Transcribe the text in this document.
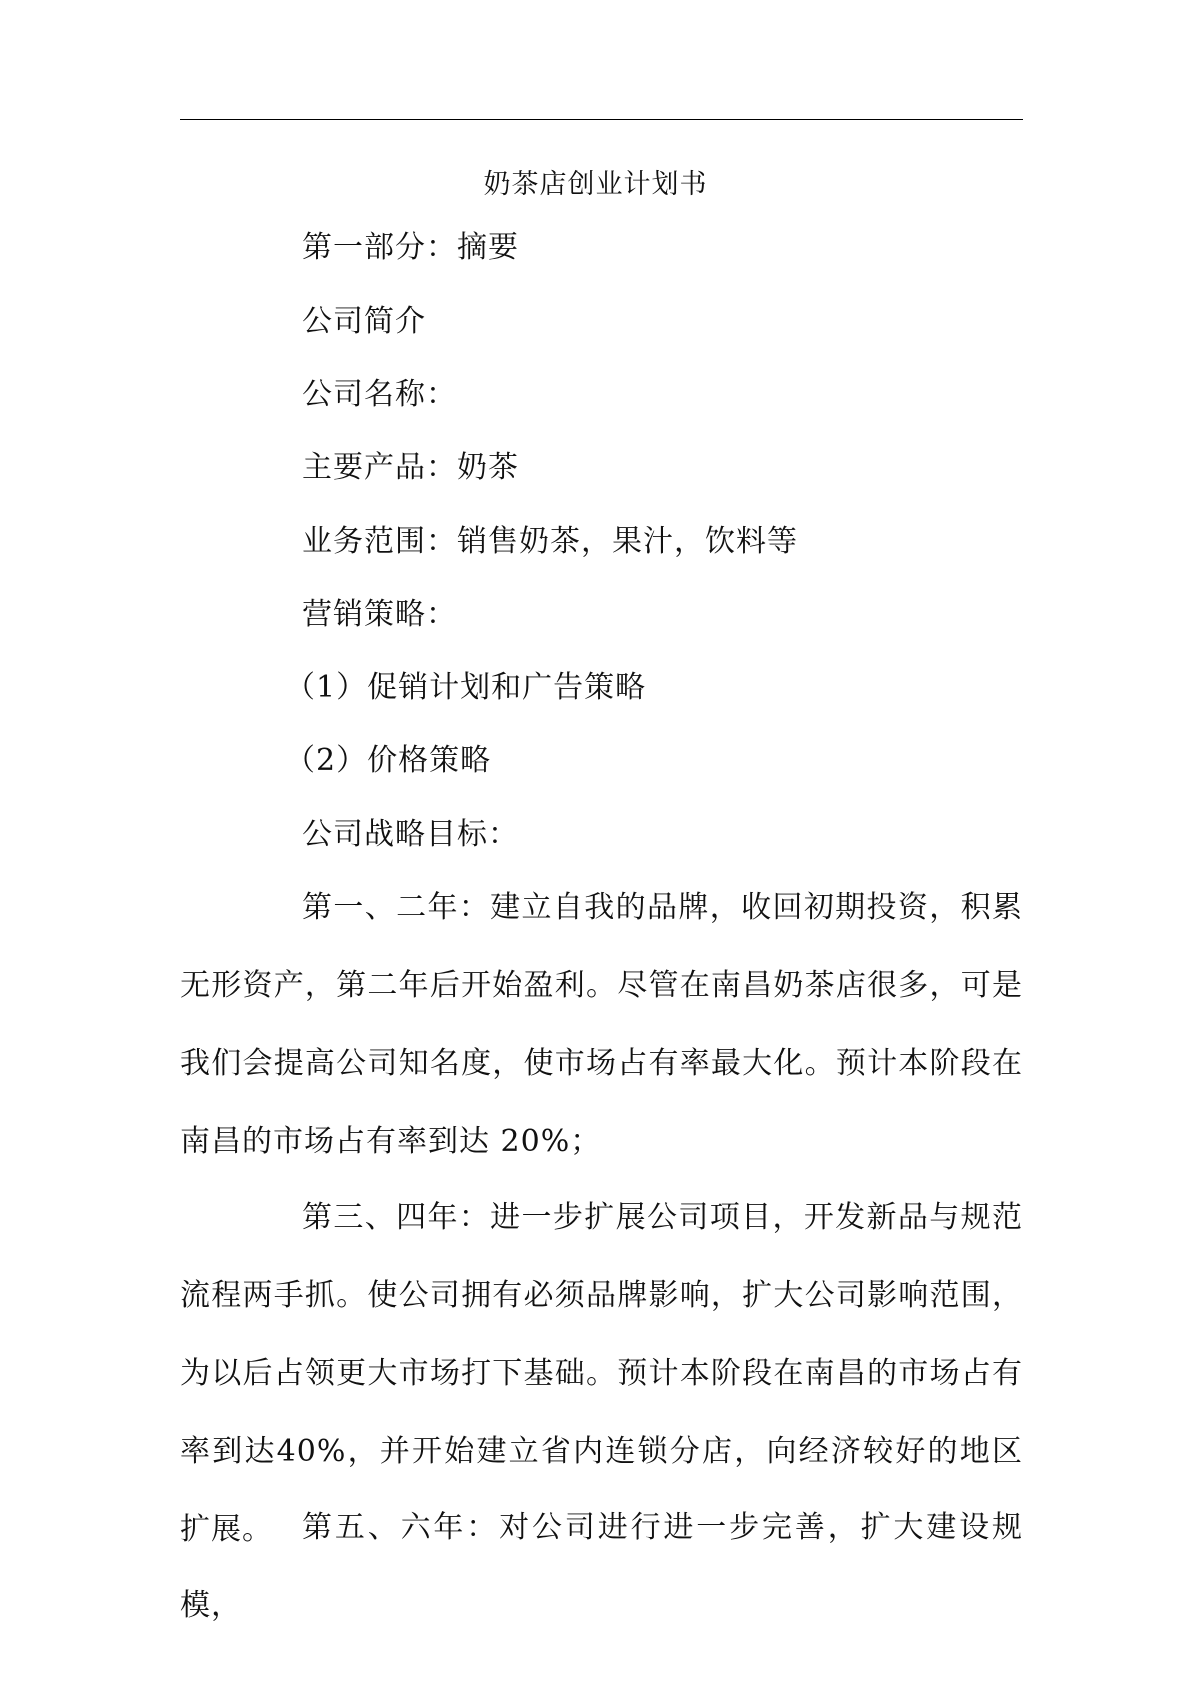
奶茶店创业计划书
第一部分：摘要
公司简介
公司名称：
主要产品：奶茶
业务范围：销售奶茶，果汁，饮料等
营销策略：
（1）促销计划和广告策略
（2）价格策略
公司战略目标：
第一、二年：建立自我的品牌，收回初期投资，积累无形资产，第二年后开始盈利。尽管在南昌奶茶店很多，可是我们会提高公司知名度，使市场占有率最大化。预计本阶段在南昌的市场占有率到达 20%；
第三、四年：进一步扩展公司项目，开发新品与规范流程两手抓。使公司拥有必须品牌影响，扩大公司影响范围，为以后占领更大市场打下基础。预计本阶段在南昌的市场占有率到达40%，并开始建立省内连锁分店，向经济较好的地区扩展。 第五、六年：对公司进行进一步完善，扩大建设规模，
